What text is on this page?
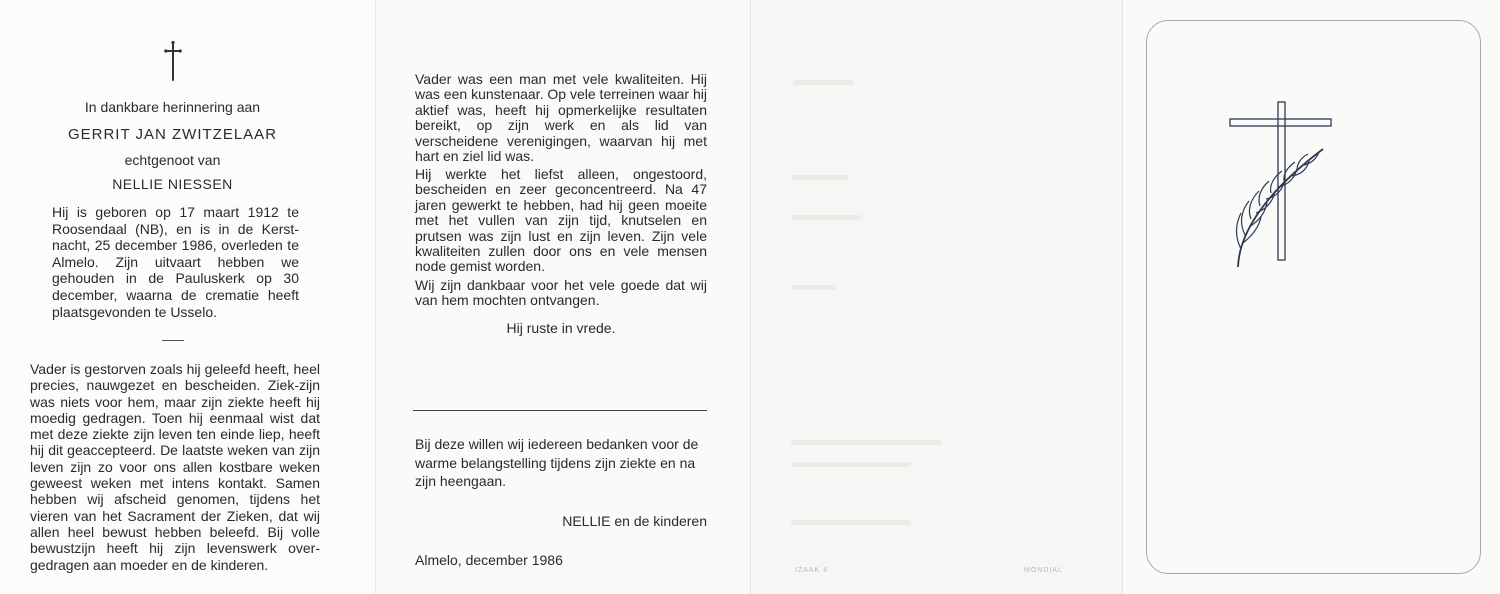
In dankbare herinnering aan
GERRIT JAN ZWITZELAAR
echtgenoot van
NELLIE NIESSEN
Hij is geboren op 17 maart 1912 te Roosendaal (NB), en is in de Kerstnacht, 25 december 1986, overleden te Almelo. Zijn uitvaart hebben we gehouden in de Pauluskerk op 30 december, waarna de crematie heeft plaatsgevonden te Usselo.
Vader is gestorven zoals hij geleefd heeft, heel precies, nauwgezet en bescheiden. Ziek-zijn was niets voor hem, maar zijn ziekte heeft hij moedig gedragen. Toen hij eenmaal wist dat met deze ziekte zijn leven ten einde liep, heeft hij dit geaccepteerd. De laatste weken van zijn leven zijn zo voor ons allen kostbare weken geweest weken met intens kontakt. Samen hebben wij afscheid genomen, tijdens het vieren van het Sacrament der Zieken, dat wij allen heel bewust hebben beleefd. Bij volle bewustzijn heeft hij zijn levenswerk overgedragen aan moeder en de kinderen.
Vader was een man met vele kwaliteiten. Hij was een kunstenaar. Op vele terreinen waar hij aktief was, heeft hij opmerkelijke resultaten bereikt, op zijn werk en als lid van verscheidene verenigingen, waarvan hij met hart en ziel lid was.
Hij werkte het liefst alleen, ongestoord, bescheiden en zeer geconcentreerd. Na 47 jaren gewerkt te hebben, had hij geen moeite met het vullen van zijn tijd, knutselen en prutsen was zijn lust en zijn leven. Zijn vele kwaliteiten zullen door ons en vele mensen node gemist worden.
Wij zijn dankbaar voor het vele goede dat wij van hem mochten ontvangen.
Hij ruste in vrede.
Bij deze willen wij iedereen bedanken voor de warme belangstelling tijdens zijn ziekte en na zijn heengaan.
NELLIE en de kinderen
Almelo, december 1986
IZAAK 4	MONDIAL
